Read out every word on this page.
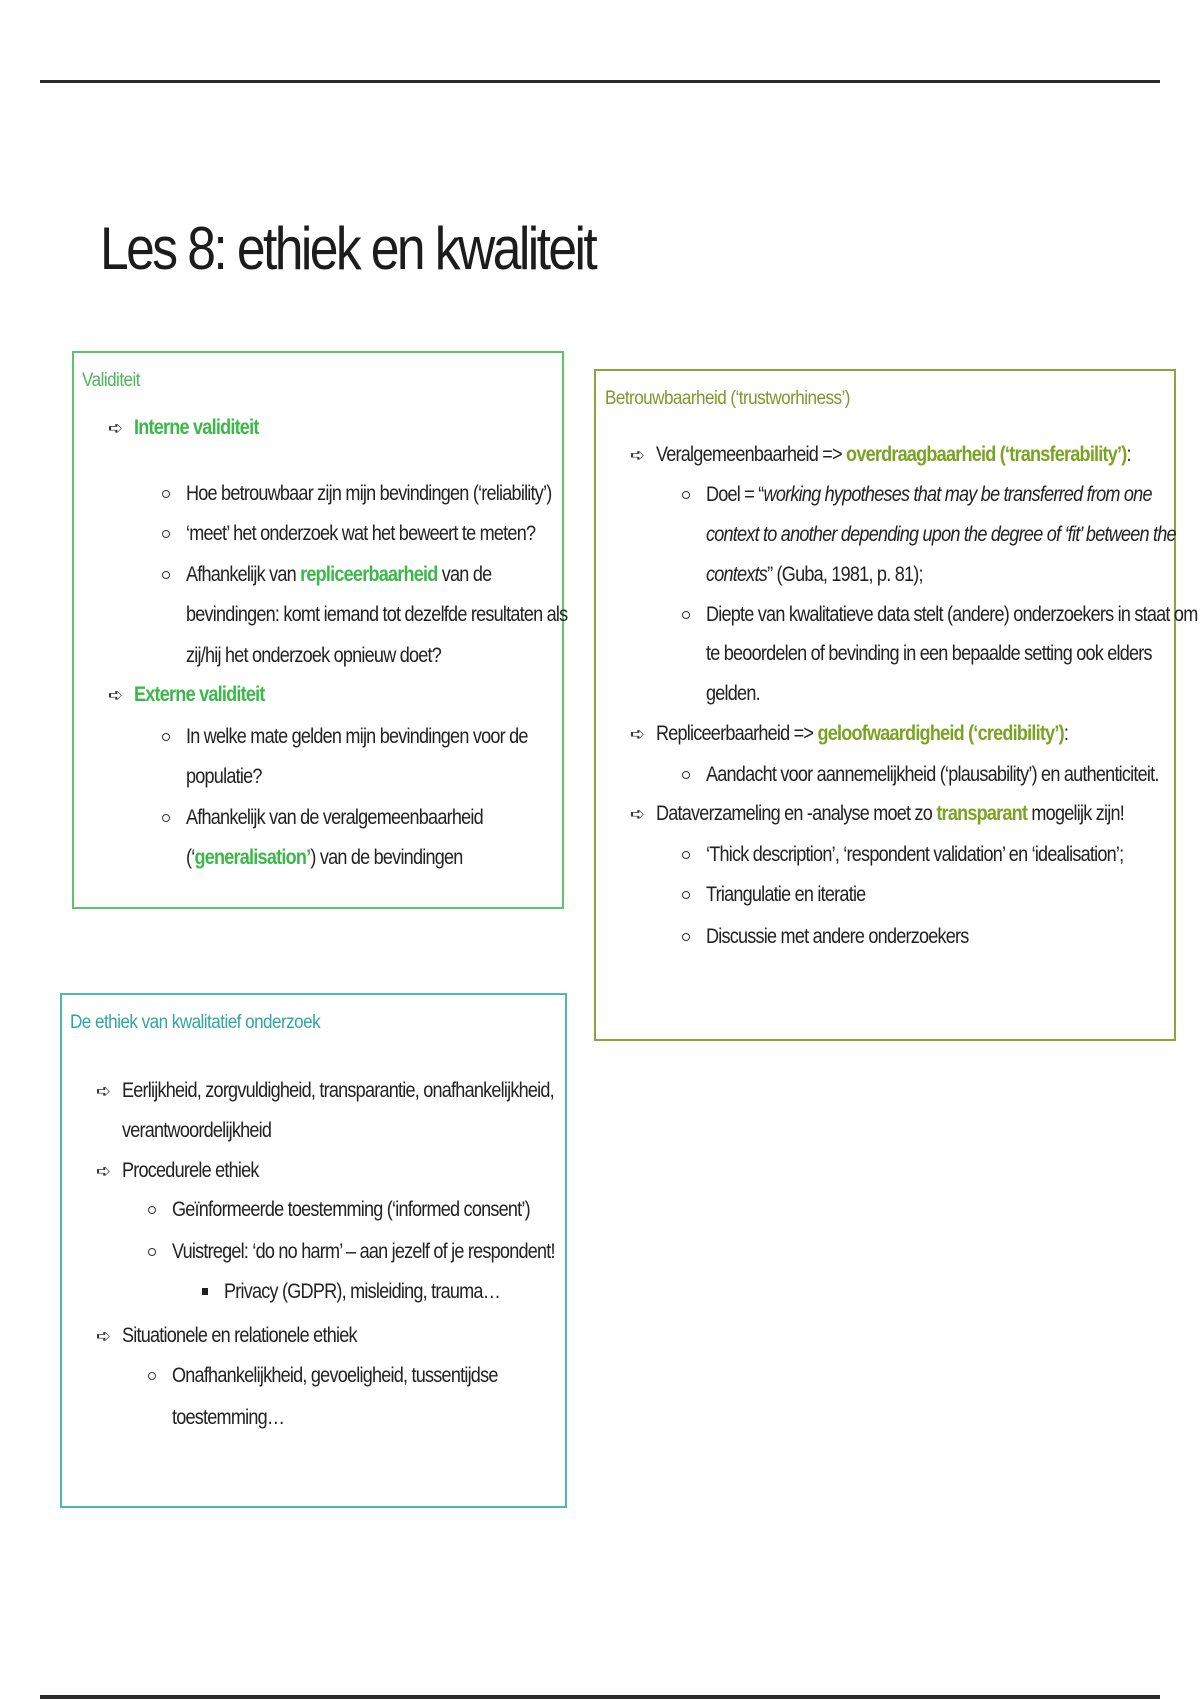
Les 8: ethiek en kwaliteit
Validiteit
➪ Interne validiteit
Hoe betrouwbaar zijn mijn bevindingen (‘reliability’)
‘meet’ het onderzoek wat het beweert te meten?
Afhankelijk van repliceerbaarheid van de
bevindingen: komt iemand tot dezelfde resultaten als
zij/hij het onderzoek opnieuw doet?
➪ Externe validiteit
In welke mate gelden mijn bevindingen voor de
populatie?
Afhankelijk van de veralgemeenbaarheid
(‘generalisation’) van de bevindingen
Betrouwbaarheid (‘trustworhiness’)
➪ Veralgemeenbaarheid => overdraagbaarheid (‘transferability’):
Doel = “working hypotheses that may be transferred from one
context to another depending upon the degree of ‘fit’ between the
contexts” (Guba, 1981, p. 81);
Diepte van kwalitatieve data stelt (andere) onderzoekers in staat om
te beoordelen of bevinding in een bepaalde setting ook elders
gelden.
➪ Repliceerbaarheid => geloofwaardigheid (‘credibility’):
Aandacht voor aannemelijkheid (‘plausability’) en authenticiteit.
➪ Dataverzameling en -analyse moet zo transparant mogelijk zijn!
‘Thick description’, ‘respondent validation’ en ‘idealisation’;
Triangulatie en iteratie
Discussie met andere onderzoekers
De ethiek van kwalitatief onderzoek
➪ Eerlijkheid, zorgvuldigheid, transparantie, onafhankelijkheid,
verantwoordelijkheid
➪ Procedurele ethiek
Geïnformeerde toestemming (‘informed consent’)
Vuistregel: ‘do no harm’ – aan jezelf of je respondent!
Privacy (GDPR), misleiding, trauma…
➪ Situationele en relationele ethiek
Onafhankelijkheid, gevoeligheid, tussentijdse
toestemming…
